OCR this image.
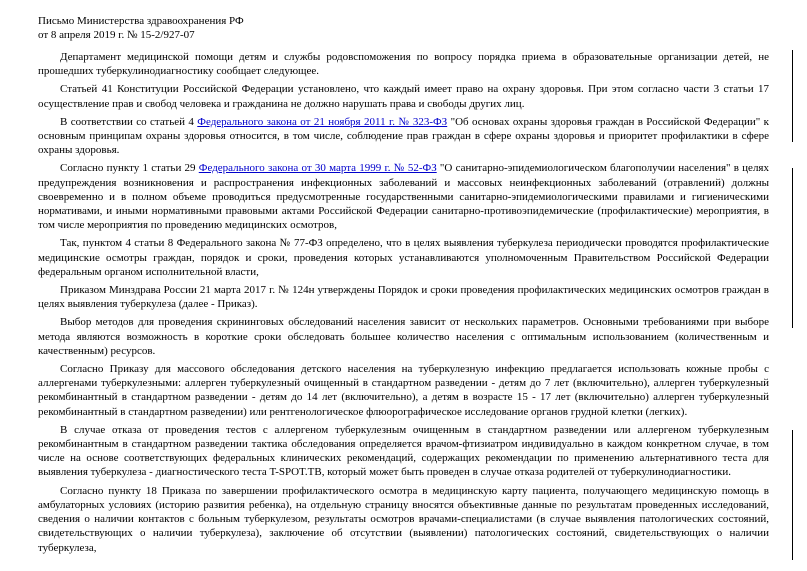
Письмо Министерства здравоохранения РФ
от 8 апреля 2019 г. № 15-2/927-07

Департамент медицинской помощи детям и службы родовспоможения по вопросу порядка приема в образовательные организации детей, не прошедших туберкулинодиагностику сообщает следующее.

Статьей 41 Конституции Российской Федерации установлено, что каждый имеет право на охрану здоровья. При этом согласно части 3 статьи 17 осуществление прав и свобод человека и гражданина не должно нарушать права и свободы других лиц.

В соответствии со статьей 4 Федерального закона от 21 ноября 2011 г. № 323-ФЗ "Об основах охраны здоровья граждан в Российской Федерации" к основным принципам охраны здоровья относится, в том числе, соблюдение прав граждан в сфере охраны здоровья и приоритет профилактики в сфере охраны здоровья.

Согласно пункту 1 статьи 29 Федерального закона от 30 марта 1999 г. № 52-ФЗ "О санитарно-эпидемиологическом благополучии населения" в целях предупреждения возникновения и распространения инфекционных заболеваний и массовых неинфекционных заболеваний (отравлений) должны своевременно и в полном объеме проводиться предусмотренные государственными санитарно-эпидемиологическими правилами и гигиеническими нормативами, и иными нормативными правовыми актами Российской Федерации санитарно-противоэпидемические (профилактические) мероприятия, в том числе мероприятия по проведению медицинских осмотров,

Так, пунктом 4 статьи 8 Федерального закона № 77-ФЗ определено, что в целях выявления туберкулеза периодически проводятся профилактические медицинские осмотры граждан, порядок и сроки, проведения которых устанавливаются уполномоченным Правительством Российской Федерации федеральным органом исполнительной власти,

Приказом Минздрава России 21 марта 2017 г. № 124н утверждены Порядок и сроки проведения профилактических медицинских осмотров граждан в целях выявления туберкулеза (далее - Приказ).

Выбор методов для проведения скрининговых обследований населения зависит от нескольких параметров. Основными требованиями при выборе метода являются возможность в короткие сроки обследовать большее количество населения с оптимальным использованием (количественным и качественным) ресурсов.

Согласно Приказу для массового обследования детского населения на туберкулезную инфекцию предлагается использовать кожные пробы с аллергенами туберкулезными: аллерген туберкулезный очищенный в стандартном разведении - детям до 7 лет (включительно), аллерген туберкулезный рекомбинантный в стандартном разведении - детям до 14 лет (включительно), а детям в возрасте 15 - 17 лет (включительно) аллерген туберкулезный рекомбинантный в стандартном разведении) или рентгенологическое флюорографическое исследование органов грудной клетки (легких).

В случае отказа от проведения тестов с аллергеном туберкулезным очищенным в стандартном разведении или аллергеном туберкулезным рекомбинантным в стандартном разведении тактика обследования определяется врачом-фтизиатром индивидуально в каждом конкретном случае, в том числе на основе соответствующих федеральных клинических рекомендаций, содержащих рекомендации по применению альтернативного теста для выявления туберкулеза - диагностического теста T-SPOT.TB, который может быть проведен в случае отказа родителей от туберкулинодиагностики.

Согласно пункту 18 Приказа по завершении профилактического осмотра в медицинскую карту пациента, получающего медицинскую помощь в амбулаторных условиях (историю развития ребенка), на отдельную страницу вносятся объективные данные по результатам проведенных исследований, сведения о наличии контактов с больным туберкулезом, результаты осмотров врачами-специалистами (в случае выявления патологических состояний, свидетельствующих о наличии туберкулеза), заключение об отсутствии (выявлении) патологических состояний, свидетельствующих о наличии туберкулеза,
